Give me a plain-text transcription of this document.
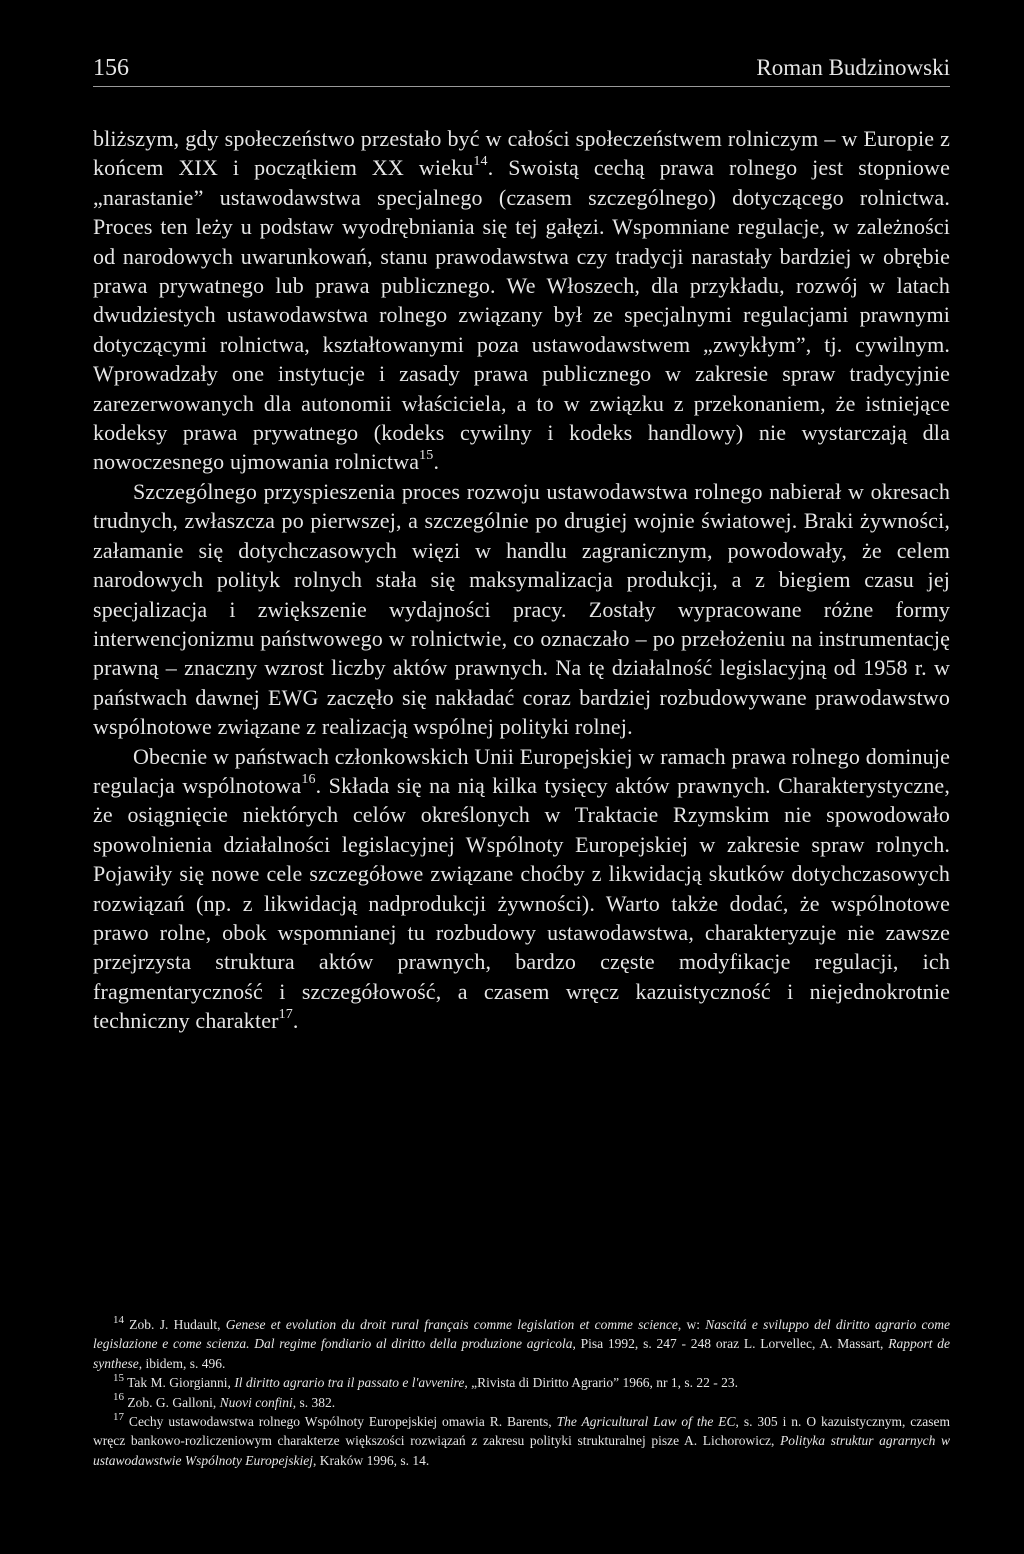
156	Roman Budzinowski

bliższym, gdy społeczeństwo przestało być w całości społeczeństwem rolniczym – w Europie z końcem XIX i początkiem XX wieku$^{14}$. Swoistą cechą prawa rolnego jest stopniowe „narastanie” ustawodawstwa specjalnego (czasem szczególnego) dotyczącego rolnictwa. Proces ten leży u podstaw wyodrębniania się tej gałęzi. Wspomniane regulacje, w zależności od narodowych uwarunkowań, stanu prawodawstwa czy tradycji narastały bardziej w obrębie prawa prywatnego lub prawa publicznego. We Włoszech, dla przykładu, rozwój w latach dwudziestych ustawodawstwa rolnego związany był ze specjalnymi regulacjami prawnymi dotyczącymi rolnictwa, kształtowanymi poza ustawodawstwem „zwykłym”, tj. cywilnym. Wprowadzały one instytucje i zasady prawa publicznego w zakresie spraw tradycyjnie zarezerwowanych dla autonomii właściciela, a to w związku z przekonaniem, że istniejące kodeksy prawa prywatnego (kodeks cywilny i kodeks handlowy) nie wystarczają dla nowoczesnego ujmowania rolnictwa$^{15}$.

Szczególnego przyspieszenia proces rozwoju ustawodawstwa rolnego nabierał w okresach trudnych, zwłaszcza po pierwszej, a szczególnie po drugiej wojnie światowej. Braki żywności, załamanie się dotychczasowych więzi w handlu zagranicznym, powodowały, że celem narodowych polityk rolnych stała się maksymalizacja produkcji, a z biegiem czasu jej specjalizacja i zwiększenie wydajności pracy. Zostały wypracowane różne formy interwencjonizmu państwowego w rolnictwie, co oznaczało – po przełożeniu na instrumentację prawną – znaczny wzrost liczby aktów prawnych. Na tę działalność legislacyjną od 1958 r. w państwach dawnej EWG zaczęło się nakładać coraz bardziej rozbudowywane prawodawstwo wspólnotowe związane z realizacją wspólnej polityki rolnej.

Obecnie w państwach członkowskich Unii Europejskiej w ramach prawa rolnego dominuje regulacja wspólnotowa$^{16}$. Składa się na nią kilka tysięcy aktów prawnych. Charakterystyczne, że osiągnięcie niektórych celów określonych w Traktacie Rzymskim nie spowodowało spowolnienia działalności legislacyjnej Wspólnoty Europejskiej w zakresie spraw rolnych. Pojawiły się nowe cele szczegółowe związane choćby z likwidacją skutków dotychczasowych rozwiązań (np. z likwidacją nadprodukcji żywności). Warto także dodać, że wspólnotowe prawo rolne, obok wspomnianej tu rozbudowy ustawodawstwa, charakteryzuje nie zawsze przejrzysta struktura aktów prawnych, bardzo częste modyfikacje regulacji, ich fragmentaryczność i szczegółowość, a czasem wręcz kazuistyczność i niejednokrotnie techniczny charakter$^{17}$.

$^{14}$ Zob. J. Hudault, Genese et evolution du droit rural français comme legislation et comme science, w: Nascitá e sviluppo del diritto agrario come legislazione e come scienza. Dal regime fondiario al diritto della produzione agricola, Pisa 1992, s. 247 - 248 oraz L. Lorvellec, A. Massart, Rapport de synthese, ibidem, s. 496.

$^{15}$ Tak M. Giorgianni, Il diritto agrario tra il passato e l'avvenire, „Rivista di Diritto Agrario” 1966, nr 1, s. 22 - 23.

$^{16}$ Zob. G. Galloni, Nuovi confini, s. 382.

$^{17}$ Cechy ustawodawstwa rolnego Wspólnoty Europejskiej omawia R. Barents, The Agricultural Law of the EC, s. 305 i n. O kazuistycznym, czasem wręcz bankowo-rozliczeniowym charakterze większości rozwiązań z zakresu polityki strukturalnej pisze A. Lichorowicz, Polityka struktur agrarnych w ustawodawstwie Wspólnoty Europejskiej, Kraków 1996, s. 14.
